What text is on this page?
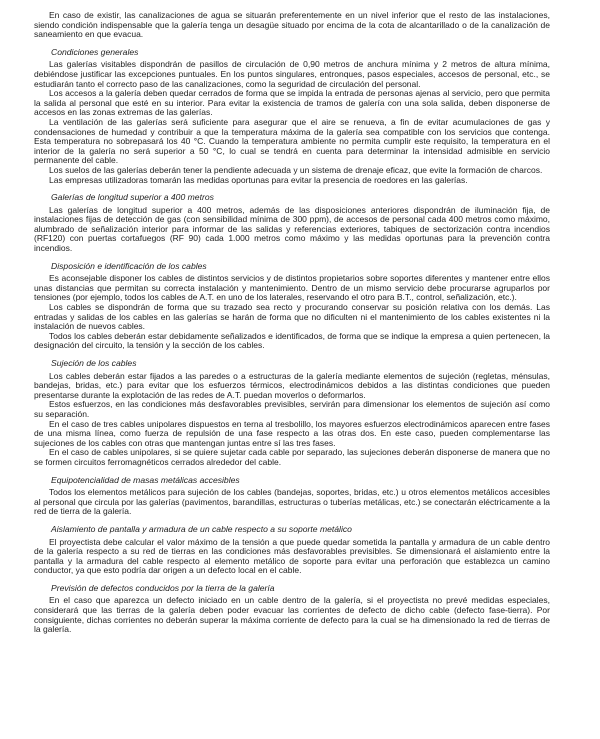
En caso de existir, las canalizaciones de agua se situarán preferentemente en un nivel inferior que el resto de las instalaciones, siendo condición indispensable que la galería tenga un desagüe situado por encima de la cota de alcantarillado o de la canalización de saneamiento en que evacua.

Condiciones generales

Las galerías visitables dispondrán de pasillos de circulación de 0,90 metros de anchura mínima y 2 metros de altura mínima, debiéndose justificar las excepciones puntuales. En los puntos singulares, entronques, pasos especiales, accesos de personal, etc., se estudiarán tanto el correcto paso de las canalizaciones, como la seguridad de circulación del personal.

Los accesos a la galería deben quedar cerrados de forma que se impida la entrada de personas ajenas al servicio, pero que permita la salida al personal que esté en su interior. Para evitar la existencia de tramos de galería con una sola salida, deben disponerse de accesos en las zonas extremas de las galerías.

La ventilación de las galerías será suficiente para asegurar que el aire se renueva, a fin de evitar acumulaciones de gas y condensaciones de humedad y contribuir a que la temperatura máxima de la galería sea compatible con los servicios que contenga. Esta temperatura no sobrepasará los 40 °C. Cuando la temperatura ambiente no permita cumplir este requisito, la temperatura en el interior de la galería no será superior a 50 °C, lo cual se tendrá en cuenta para determinar la intensidad admisible en servicio permanente del cable.

Los suelos de las galerías deberán tener la pendiente adecuada y un sistema de drenaje eficaz, que evite la formación de charcos.

Las empresas utilizadoras tomarán las medidas oportunas para evitar la presencia de roedores en las galerías.

Galerías de longitud superior a 400 metros

Las galerías de longitud superior a 400 metros, además de las disposiciones anteriores dispondrán de iluminación fija, de instalaciones fijas de detección de gas (con sensibilidad mínima de 300 ppm), de accesos de personal cada 400 metros como máximo, alumbrado de señalización interior para informar de las salidas y referencias exteriores, tabiques de sectorización contra incendios (RF120) con puertas cortafuegos (RF 90) cada 1.000 metros como máximo y las medidas oportunas para la prevención contra incendios.

Disposición e identificación de los cables

Es aconsejable disponer los cables de distintos servicios y de distintos propietarios sobre soportes diferentes y mantener entre ellos unas distancias que permitan su correcta instalación y mantenimiento. Dentro de un mismo servicio debe procurarse agruparlos por tensiones (por ejemplo, todos los cables de A.T. en uno de los laterales, reservando el otro para B.T., control, señalización, etc.).

Los cables se dispondrán de forma que su trazado sea recto y procurando conservar su posición relativa con los demás. Las entradas y salidas de los cables en las galerías se harán de forma que no dificulten ni el mantenimiento de los cables existentes ni la instalación de nuevos cables.

Todos los cables deberán estar debidamente señalizados e identificados, de forma que se indique la empresa a quien pertenecen, la designación del circuito, la tensión y la sección de los cables.

Sujeción de los cables

Los cables deberán estar fijados a las paredes o a estructuras de la galería mediante elementos de sujeción (regletas, ménsulas, bandejas, bridas, etc.) para evitar que los esfuerzos térmicos, electrodinámicos debidos a las distintas condiciones que pueden presentarse durante la explotación de las redes de A.T. puedan moverlos o deformarlos.

Estos esfuerzos, en las condiciones más desfavorables previsibles, servirán para dimensionar los elementos de sujeción así como su separación.

En el caso de tres cables unipolares dispuestos en terna al tresbolillo, los mayores esfuerzos electrodinámicos aparecen entre fases de una misma línea, como fuerza de repulsión de una fase respecto a las otras dos. En este caso, pueden complementarse las sujeciones de los cables con otras que mantengan juntas entre sí las tres fases.

En el caso de cables unipolares, si se quiere sujetar cada cable por separado, las sujeciones deberán disponerse de manera que no se formen circuitos ferromagnéticos cerrados alrededor del cable.

Equipotencialidad de masas metálicas accesibles

Todos los elementos metálicos para sujeción de los cables (bandejas, soportes, bridas, etc.) u otros elementos metálicos accesibles al personal que circula por las galerías (pavimentos, barandillas, estructuras o tuberías metálicas, etc.) se conectarán eléctricamente a la red de tierra de la galería.

Aislamiento de pantalla y armadura de un cable respecto a su soporte metálico

El proyectista debe calcular el valor máximo de la tensión a que puede quedar sometida la pantalla y armadura de un cable dentro de la galería respecto a su red de tierras en las condiciones más desfavorables previsibles. Se dimensionará el aislamiento entre la pantalla y la armadura del cable respecto al elemento metálico de soporte para evitar una perforación que establezca un camino conductor, ya que esto podría dar origen a un defecto local en el cable.

Previsión de defectos conducidos por la tierra de la galería

En el caso que aparezca un defecto iniciado en un cable dentro de la galería, si el proyectista no prevé medidas especiales, considerará que las tierras de la galería deben poder evacuar las corrientes de defecto de dicho cable (defecto fase-tierra). Por consiguiente, dichas corrientes no deberán superar la máxima corriente de defecto para la cual se ha dimensionado la red de tierras de la galería.
